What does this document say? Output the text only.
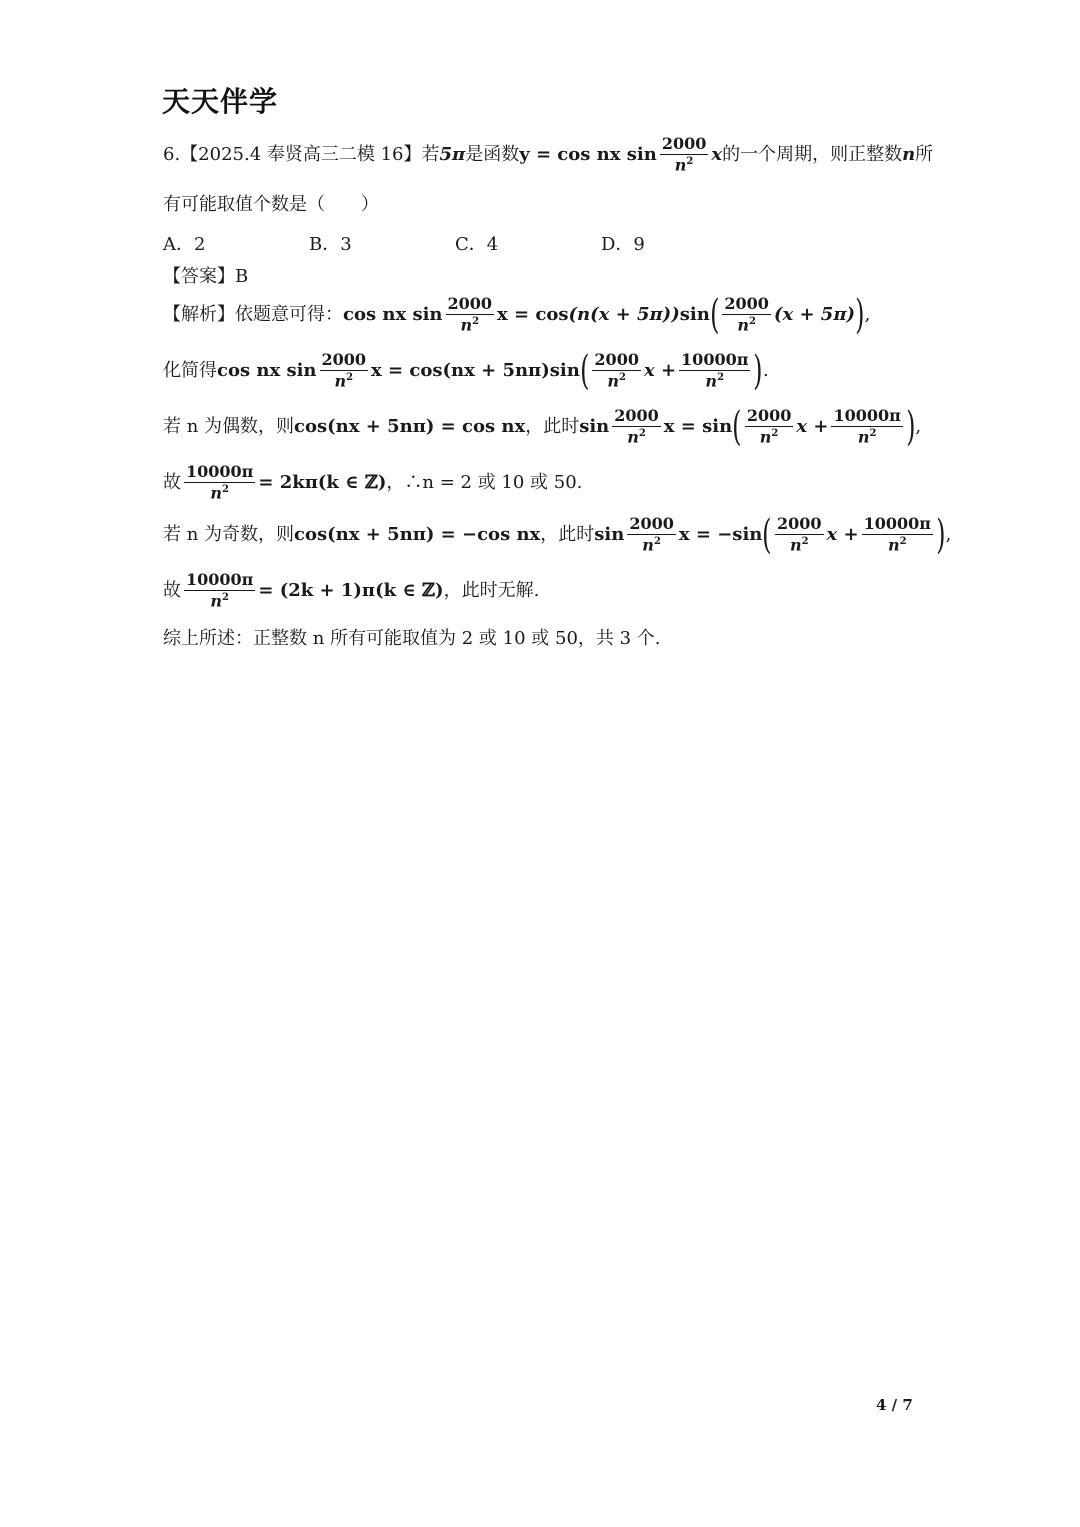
天天伴学
6.【2025.4 奉贤高三二模 16】若 5π 是函数 y = cos nx $\sin \frac{2000}{n^2}$ x 的一个周期，则正整数 n 所
有可能取值个数是（　　）
A．2	B．3	C．4	D．9
【答案】 B
【解析】依题意可得： cos nx $\sin \frac{2000}{n^2}$ x = cos (n(x + 5π)) sin ( $\frac{2000}{n^2} (x + 5\pi)$ ) ,
化简得 cos nx $\sin \frac{2000}{n^2}$ x = cos(nx + 5nπ)sin ( $\frac{2000}{n^2}$ $x + \frac{10000\pi}{n^2}$ ) .
若 n 为偶数，则 cos(nx + 5nπ) = cos nx ，此时 $\sin \frac{2000}{n^2}$ x = sin ( $\frac{2000}{n^2}$ $x + \frac{10000\pi}{n^2}$ ) ,
故 $\frac{10000\pi}{n^2} = 2k\pi(k$ ∈ ℤ) ，∴ n = 2 或 10 或 50.
若 n 为奇数，则 cos(nx + 5nπ) = −cos nx ，此时 $\sin \frac{2000}{n^2}$ x = −sin ( $\frac{2000}{n^2}$ $x + \frac{10000\pi}{n^2}$ ) ,
故 $\frac{10000\pi}{n^2} = (2k + 1)\pi(k$ ∈ ℤ) ，此时无解.
综上所述：正整数 n 所有可能取值为 2 或 10 或 50，共 3 个.
4 / 7
